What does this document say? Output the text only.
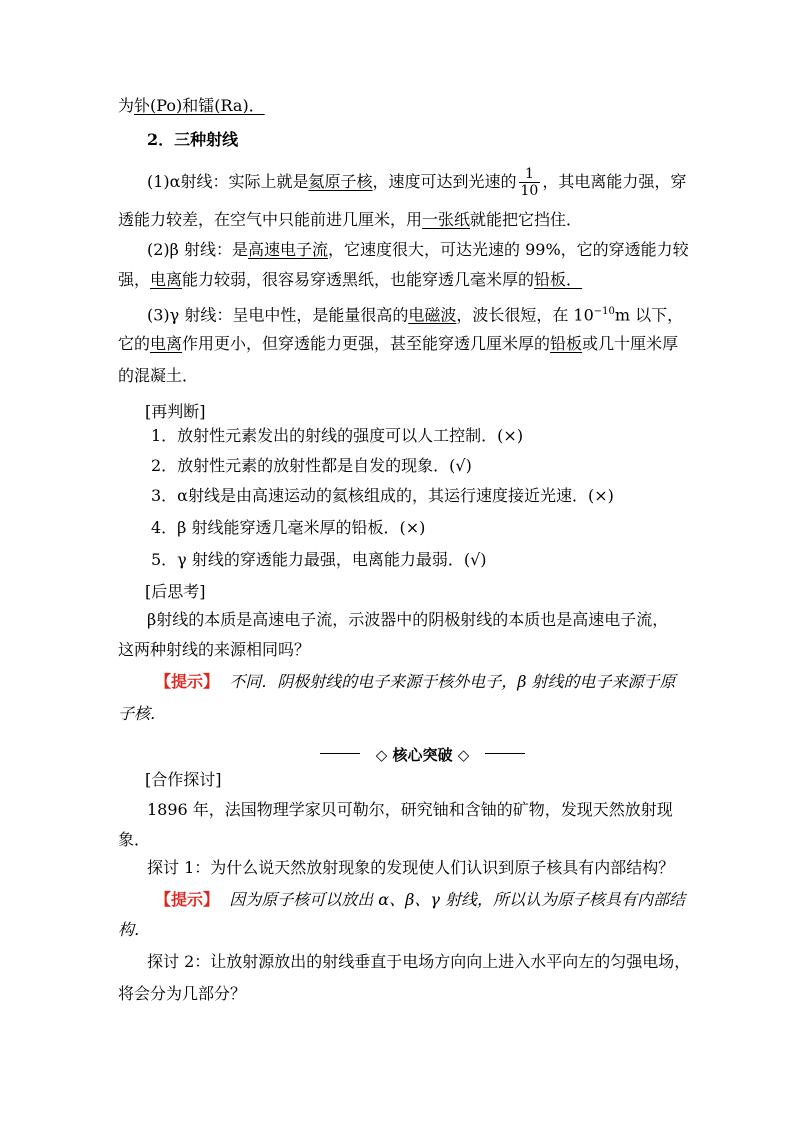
为钋(Po)和镭(Ra)．
2．三种射线
(1)α射线：实际上就是氦原子核，速度可达到光速的 $\frac{1}{10}$ ，其电离能力强，穿
透能力较差，在空气中只能前进几厘米，用一张纸就能把它挡住．
(2)β 射线：是高速电子流，它速度很大，可达光速的 99%，它的穿透能力较
强，电离能力较弱，很容易穿透黑纸，也能穿透几毫米厚的铅板．
(3)γ 射线：呈电中性，是能量很高的电磁波，波长很短，在 $10^{-10}m$ 以下，
它的电离作用更小，但穿透能力更强，甚至能穿透几厘米厚的铅板或几十厘米厚
的混凝土．
[再判断]
1．放射性元素发出的射线的强度可以人工控制．(×)
2．放射性元素的放射性都是自发的现象．(√)
3．α射线是由高速运动的氦核组成的，其运行速度接近光速．(×)
4．β 射线能穿透几毫米厚的铅板．(×)
5．γ 射线的穿透能力最强，电离能力最弱．(√)
[后思考]
β射线的本质是高速电子流，示波器中的阴极射线的本质也是高速电子流，
这两种射线的来源相同吗？
【提示】 不同．阴极射线的电子来源于核外电子，β 射线的电子来源于原
子核．
◇ 核心突破 ◇
[合作探讨]
1896 年，法国物理学家贝可勒尔，研究铀和含铀的矿物，发现天然放射现
象．
探讨 1：为什么说天然放射现象的发现使人们认识到原子核具有内部结构？
【提示】 因为原子核可以放出 α、β、γ 射线，所以认为原子核具有内部结
构．
探讨 2：让放射源放出的射线垂直于电场方向向上进入水平向左的匀强电场，
将会分为几部分？
